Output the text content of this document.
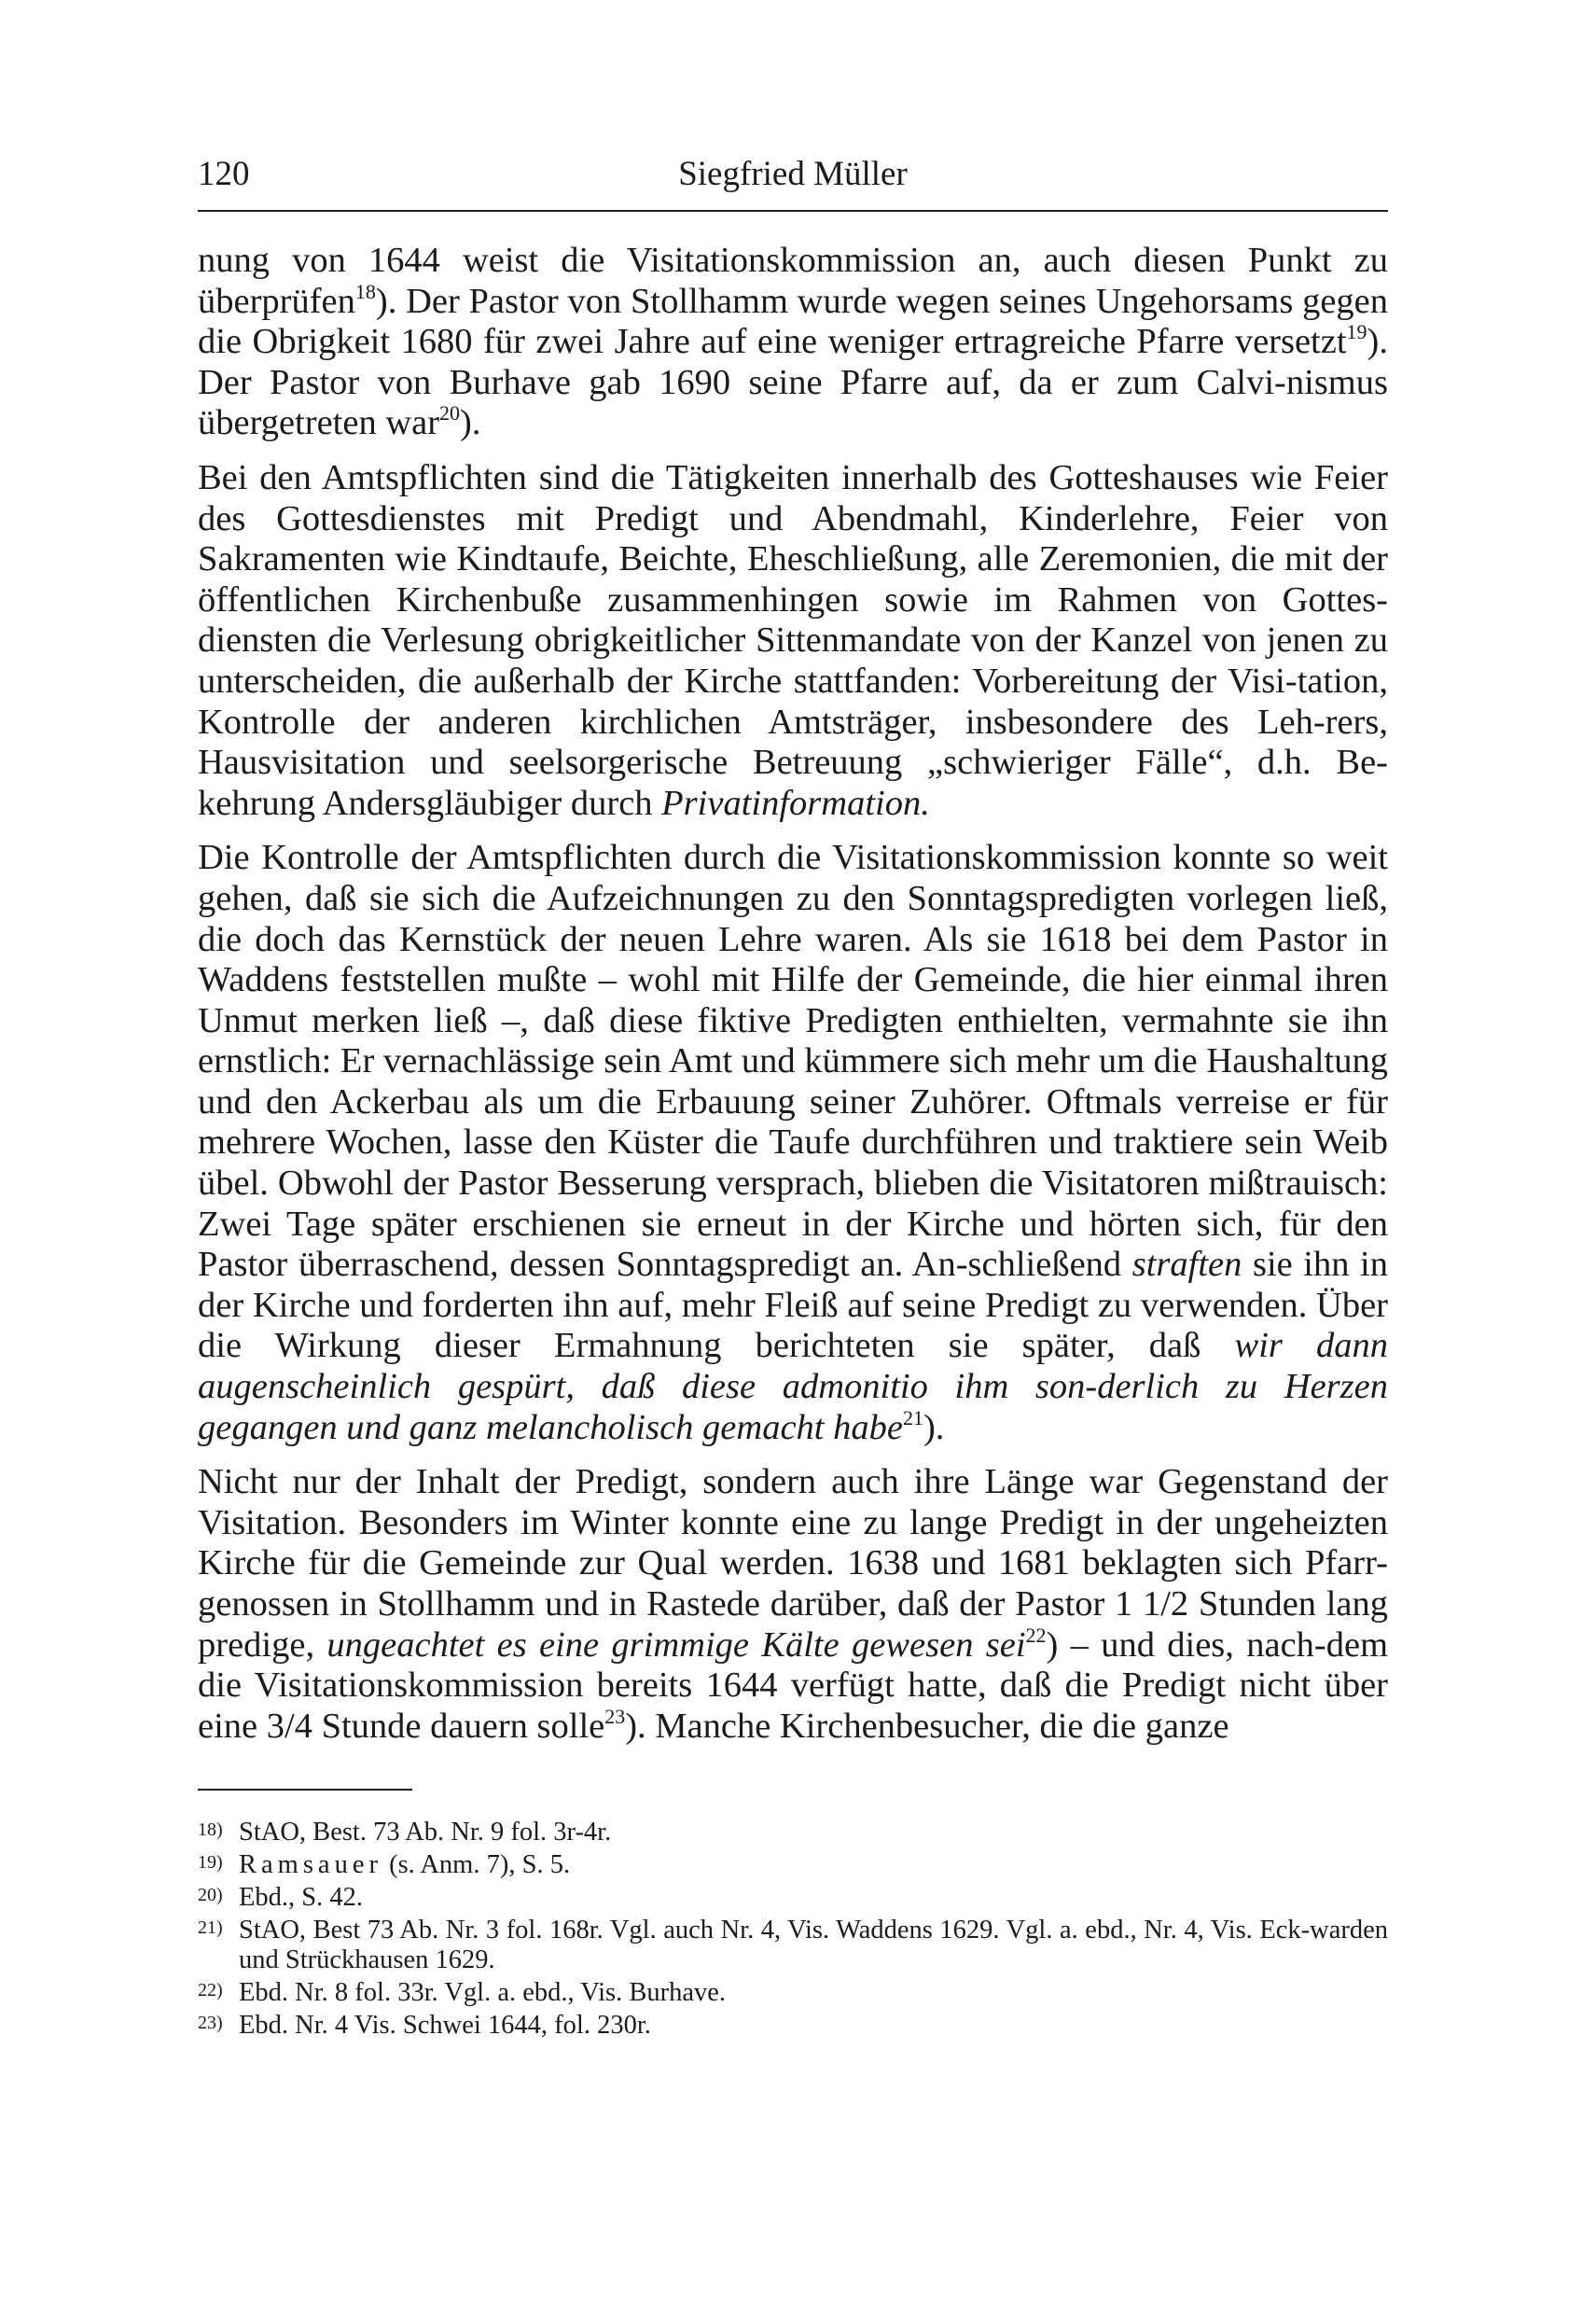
120	Siegfried Müller

nung von 1644 weist die Visitationskommission an, auch diesen Punkt zu überprüfen$^{18}$). Der Pastor von Stollhamm wurde wegen seines Ungehorsams gegen die Obrigkeit 1680 für zwei Jahre auf eine weniger ertragreiche Pfarre versetzt$^{19}$). Der Pastor von Burhave gab 1690 seine Pfarre auf, da er zum Calvi-nismus übergetreten war$^{20}$).

Bei den Amtspflichten sind die Tätigkeiten innerhalb des Gotteshauses wie Feier des Gottesdienstes mit Predigt und Abendmahl, Kinderlehre, Feier von Sakramenten wie Kindtaufe, Beichte, Eheschließung, alle Zeremonien, die mit der öffentlichen Kirchenbuße zusammenhingen sowie im Rahmen von Gottes-diensten die Verlesung obrigkeitlicher Sittenmandate von der Kanzel von jenen zu unterscheiden, die außerhalb der Kirche stattfanden: Vorbereitung der Visi-tation, Kontrolle der anderen kirchlichen Amtsträger, insbesondere des Leh-rers, Hausvisitation und seelsorgerische Betreuung „schwieriger Fälle“, d.h. Be-kehrung Andersgläubiger durch Privatinformation.

Die Kontrolle der Amtspflichten durch die Visitationskommission konnte so weit gehen, daß sie sich die Aufzeichnungen zu den Sonntagspredigten vorlegen ließ, die doch das Kernstück der neuen Lehre waren. Als sie 1618 bei dem Pastor in Waddens feststellen mußte – wohl mit Hilfe der Gemeinde, die hier einmal ihren Unmut merken ließ –, daß diese fiktive Predigten enthielten, vermahnte sie ihn ernstlich: Er vernachlässige sein Amt und kümmere sich mehr um die Haushaltung und den Ackerbau als um die Erbauung seiner Zuhörer. Oftmals verreise er für mehrere Wochen, lasse den Küster die Taufe durchführen und traktiere sein Weib übel. Obwohl der Pastor Besserung versprach, blieben die Visitatoren mißtrauisch: Zwei Tage später erschienen sie erneut in der Kirche und hörten sich, für den Pastor überraschend, dessen Sonntagspredigt an. An-schließend straften sie ihn in der Kirche und forderten ihn auf, mehr Fleiß auf seine Predigt zu verwenden. Über die Wirkung dieser Ermahnung berichteten sie später, daß wir dann augenscheinlich gespürt, daß diese admonitio ihm son-derlich zu Herzen gegangen und ganz melancholisch gemacht habe$^{21}$).

Nicht nur der Inhalt der Predigt, sondern auch ihre Länge war Gegenstand der Visitation. Besonders im Winter konnte eine zu lange Predigt in der ungeheizten Kirche für die Gemeinde zur Qual werden. 1638 und 1681 beklagten sich Pfarr-genossen in Stollhamm und in Rastede darüber, daß der Pastor 1 1/2 Stunden lang predige, ungeachtet es eine grimmige Kälte gewesen sei$^{22}$) – und dies, nach-dem die Visitationskommission bereits 1644 verfügt hatte, daß die Predigt nicht über eine 3/4 Stunde dauern solle$^{23}$). Manche Kirchenbesucher, die die ganze

18) StAO, Best. 73 Ab. Nr. 9 fol. 3r-4r.
19) Ramsauer (s. Anm. 7), S. 5.
20) Ebd., S. 42.
21) StAO, Best 73 Ab. Nr. 3 fol. 168r. Vgl. auch Nr. 4, Vis. Waddens 1629. Vgl. a. ebd., Nr. 4, Vis. Eck-warden und Strückhausen 1629.
22) Ebd. Nr. 8 fol. 33r. Vgl. a. ebd., Vis. Burhave.
23) Ebd. Nr. 4 Vis. Schwei 1644, fol. 230r.
